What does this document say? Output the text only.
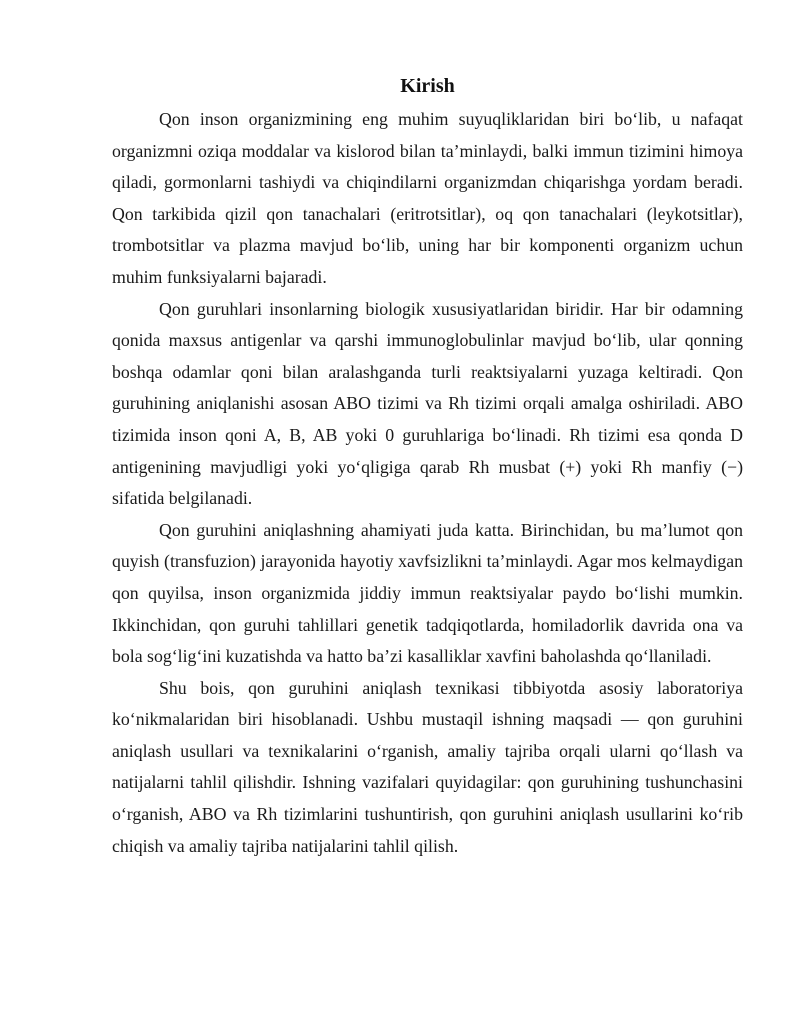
Kirish

Qon inson organizmining eng muhim suyuqliklaridan biri bo‘lib, u nafaqat organizmni oziqa moddalar va kislorod bilan ta’minlaydi, balki immun tizimini himoya qiladi, gormonlarni tashiydi va chiqindilarni organizmdan chiqarishga yordam beradi. Qon tarkibida qizil qon tanachalari (eritrotsitlar), oq qon tanachalari (leykotsitlar), trombotsitlar va plazma mavjud bo‘lib, uning har bir komponenti organizm uchun muhim funksiyalarni bajaradi.

Qon guruhlari insonlarning biologik xususiyatlaridan biridir. Har bir odamning qonida maxsus antigenlar va qarshi immunoglobulinlar mavjud bo‘lib, ular qonning boshqa odamlar qoni bilan aralashganda turli reaktsiyalarni yuzaga keltiradi. Qon guruhining aniqlanishi asosan ABO tizimi va Rh tizimi orqali amalga oshiriladi. ABO tizimida inson qoni A, B, AB yoki 0 guruhlariga bo‘linadi. Rh tizimi esa qonda D antigenining mavjudligi yoki yo‘qligiga qarab Rh musbat (+) yoki Rh manfiy (−) sifatida belgilanadi.

Qon guruhini aniqlashning ahamiyati juda katta. Birinchidan, bu ma’lumot qon quyish (transfuzion) jarayonida hayotiy xavfsizlikni ta’minlaydi. Agar mos kelmaydigan qon quyilsa, inson organizmida jiddiy immun reaktsiyalar paydo bo‘lishi mumkin. Ikkinchidan, qon guruhi tahlillari genetik tadqiqotlarda, homiladorlik davrida ona va bola sog‘lig‘ini kuzatishda va hatto ba’zi kasalliklar xavfini baholashda qo‘llaniladi.

Shu bois, qon guruhini aniqlash texnikasi tibbiyotda asosiy laboratoriya ko‘nikmalaridan biri hisoblanadi. Ushbu mustaqil ishning maqsadi — qon guruhini aniqlash usullari va texnikalarini o‘rganish, amaliy tajriba orqali ularni qo‘llash va natijalarni tahlil qilishdir. Ishning vazifalari quyidagilar: qon guruhining tushunchasini o‘rganish, ABO va Rh tizimlarini tushuntirish, qon guruhini aniqlash usullarini ko‘rib chiqish va amaliy tajriba natijalarini tahlil qilish.
